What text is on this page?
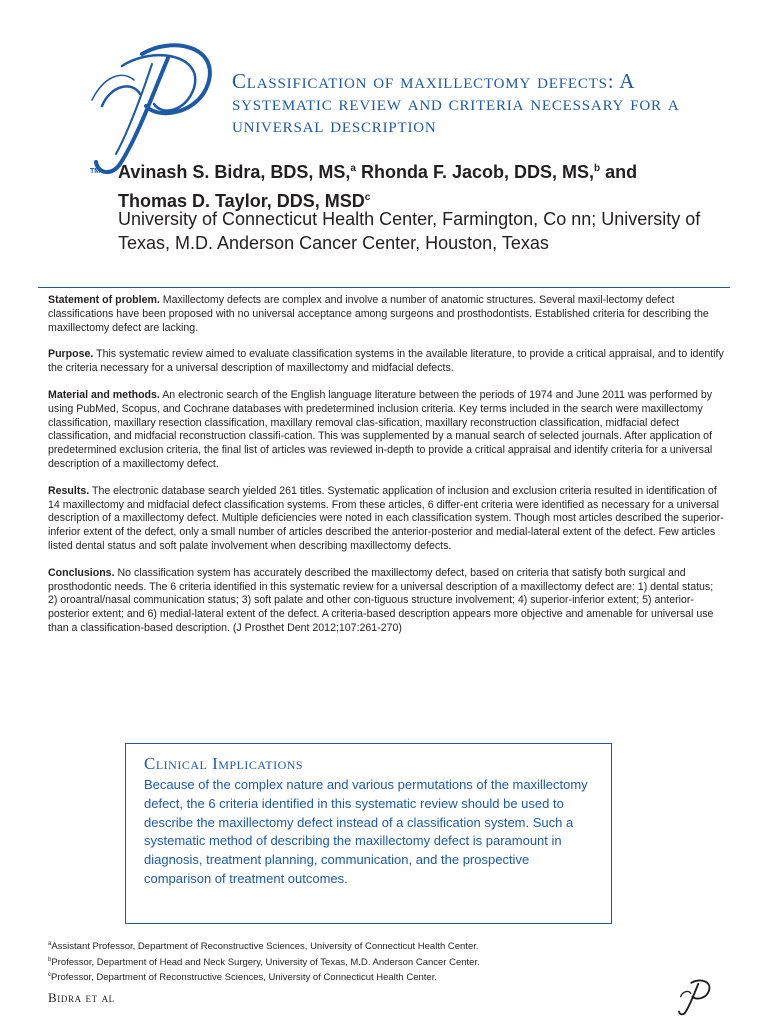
TM
Classification of maxillectomy defects: A systematic review and criteria necessary for a universal description
Avinash S. Bidra, BDS, MS,$^a$ Rhonda F. Jacob, DDS, MS,$^b$ and
Thomas D. Taylor, DDS, MSD$^c$
University of Connecticut Health Center, Farmington, Co nn; University of Texas, M.D. Anderson Cancer Center, Houston, Texas

Statement of problem. Maxillectomy defects are complex and involve a number of anatomic structures. Several maxil-lectomy defect classifications have been proposed with no universal acceptance among surgeons and prosthodontists. Established criteria for describing the maxillectomy defect are lacking.

Purpose. This systematic review aimed to evaluate classification systems in the available literature, to provide a critical appraisal, and to identify the criteria necessary for a universal description of maxillectomy and midfacial defects.

Material and methods. An electronic search of the English language literature between the periods of 1974 and June 2011 was performed by using PubMed, Scopus, and Cochrane databases with predetermined inclusion criteria. Key terms included in the search were maxillectomy classification, maxillary resection classification, maxillary removal clas-sification, maxillary reconstruction classification, midfacial defect classification, and midfacial reconstruction classifi-cation. This was supplemented by a manual search of selected journals. After application of predetermined exclusion criteria, the final list of articles was reviewed in-depth to provide a critical appraisal and identify criteria for a universal description of a maxillectomy defect.

Results. The electronic database search yielded 261 titles. Systematic application of inclusion and exclusion criteria resulted in identification of 14 maxillectomy and midfacial defect classification systems. From these articles, 6 differ-ent criteria were identified as necessary for a universal description of a maxillectomy defect. Multiple deficiencies were noted in each classification system. Though most articles described the superior-inferior extent of the defect, only a small number of articles described the anterior-posterior and medial-lateral extent of the defect. Few articles listed dental status and soft palate involvement when describing maxillectomy defects.

Conclusions. No classification system has accurately described the maxillectomy defect, based on criteria that satisfy both surgical and prosthodontic needs. The 6 criteria identified in this systematic review for a universal description of a maxillectomy defect are: 1) dental status; 2) oroantral/nasal communication status; 3) soft palate and other con-tiguous structure involvement; 4) superior-inferior extent; 5) anterior-posterior extent; and 6) medial-lateral extent of the defect. A criteria-based description appears more objective and amenable for universal use than a classification-based description. (J Prosthet Dent 2012;107:261-270)

Clinical Implications

Because of the complex nature and various permutations of the maxillectomy defect, the 6 criteria identified in this systematic review should be used to describe the maxillectomy defect instead of a classification system. Such a systematic method of describing the maxillectomy defect is paramount in diagnosis, treatment planning, communication, and the prospective comparison of treatment outcomes.

$^a$Assistant Professor, Department of Reconstructive Sciences, University of Connecticut Health Center.
$^b$Professor, Department of Head and Neck Surgery, University of Texas, M.D. Anderson Cancer Center.
$^c$Professor, Department of Reconstructive Sciences, University of Connecticut Health Center.
Bidra et al
